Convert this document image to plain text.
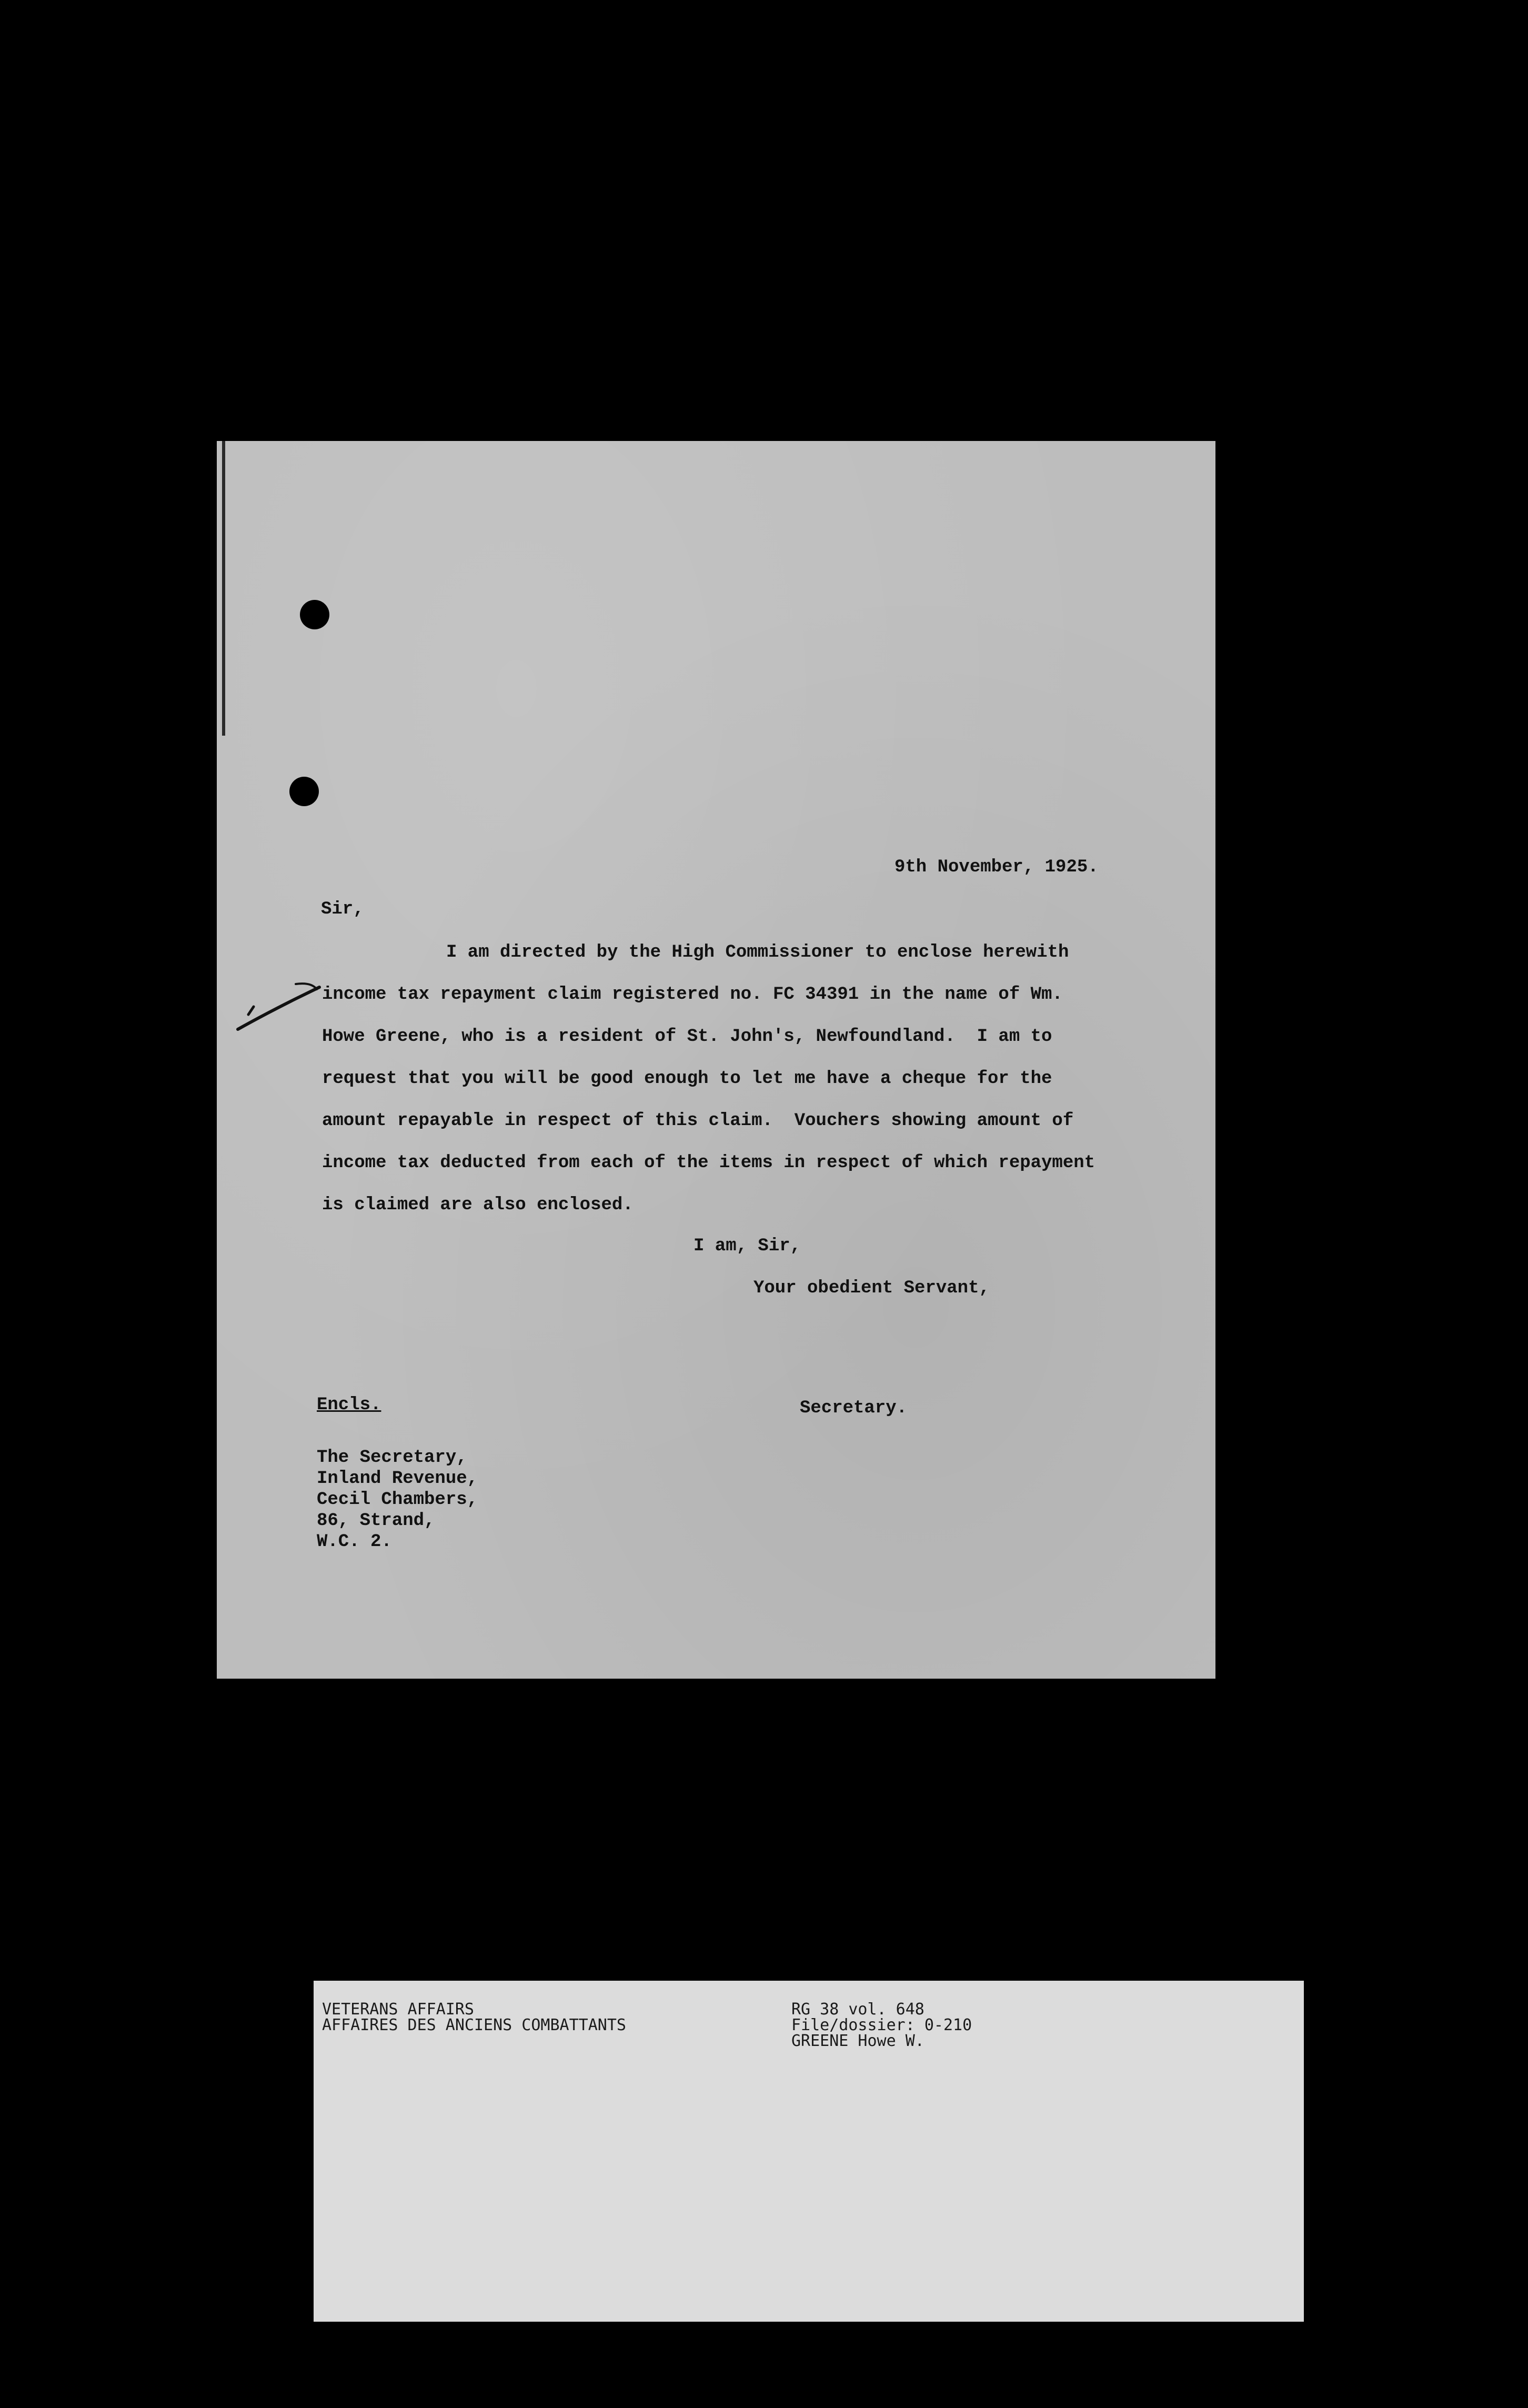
9th November, 1925.
Sir,
I am directed by the High Commissioner to enclose herewith
income tax repayment claim registered no. FC 34391 in the name of Wm.
Howe Greene, who is a resident of St. John's, Newfoundland.  I am to
request that you will be good enough to let me have a cheque for the
amount repayable in respect of this claim.  Vouchers showing amount of
income tax deducted from each of the items in respect of which repayment
is claimed are also enclosed.
I am, Sir,
Your obedient Servant,
Encls.	Secretary.
The Secretary,
Inland Revenue,
Cecil Chambers,
86, Strand,
W.C. 2.
VETERANS AFFAIRS
AFFAIRES DES ANCIENS COMBATTANTS
RG 38 vol. 648
File/dossier: 0-210
GREENE Howe W.
